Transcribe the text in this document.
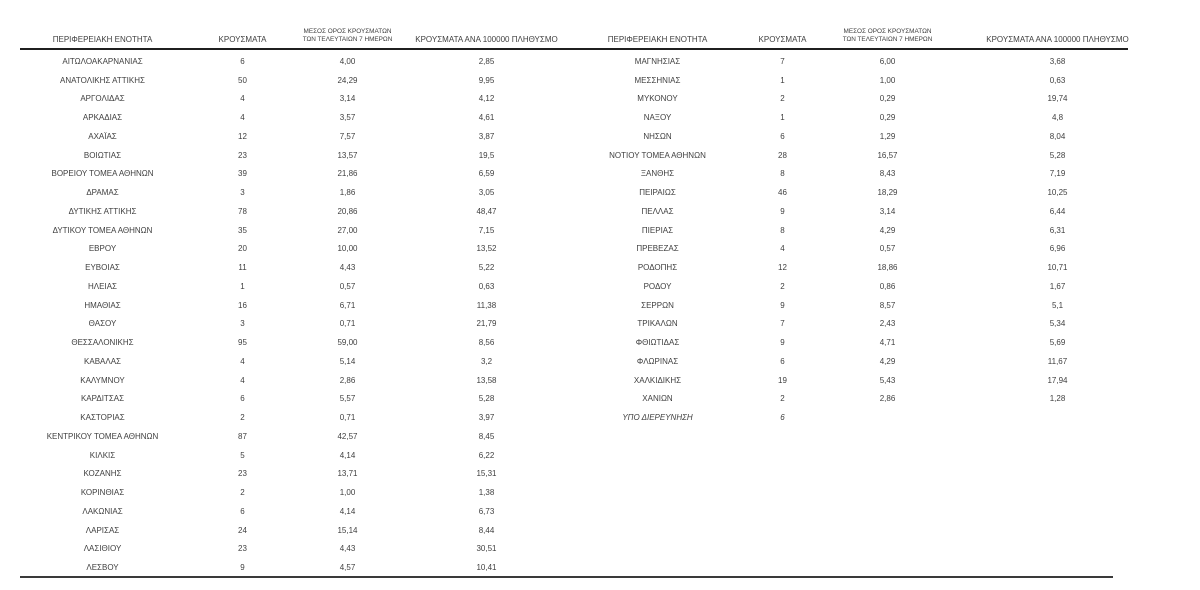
ΠΕΡΙΦΕΡΕΙΑΚΗ ΕΝΟΤΗΤΑ	ΚΡΟΥΣΜΑΤΑ	ΜΕΣΟΣ ΟΡΟΣ ΚΡΟΥΣΜΑΤΩΝ ΤΩΝ ΤΕΛΕΥΤΑΙΩΝ 7 ΗΜΕΡΩΝ	ΚΡΟΥΣΜΑΤΑ ΑΝΑ 100000 ΠΛΗΘΥΣΜΟ
ΑΙΤΩΛΟΑΚΑΡΝΑΝΙΑΣ	6	4,00	2,85
ΑΝΑΤΟΛΙΚΗΣ ΑΤΤΙΚΗΣ	50	24,29	9,95
ΑΡΓΟΛΙΔΑΣ	4	3,14	4,12
ΑΡΚΑΔΙΑΣ	4	3,57	4,61
ΑΧΑΪΑΣ	12	7,57	3,87
ΒΟΙΩΤΙΑΣ	23	13,57	19,5
ΒΟΡΕΙΟΥ ΤΟΜΕΑ ΑΘΗΝΩΝ	39	21,86	6,59
ΔΡΑΜΑΣ	3	1,86	3,05
ΔΥΤΙΚΗΣ ΑΤΤΙΚΗΣ	78	20,86	48,47
ΔΥΤΙΚΟΥ ΤΟΜΕΑ ΑΘΗΝΩΝ	35	27,00	7,15
ΕΒΡΟΥ	20	10,00	13,52
ΕΥΒΟΙΑΣ	11	4,43	5,22
ΗΛΕΙΑΣ	1	0,57	0,63
ΗΜΑΘΙΑΣ	16	6,71	11,38
ΘΑΣΟΥ	3	0,71	21,79
ΘΕΣΣΑΛΟΝΙΚΗΣ	95	59,00	8,56
ΚΑΒΑΛΑΣ	4	5,14	3,2
ΚΑΛΥΜΝΟΥ	4	2,86	13,58
ΚΑΡΔΙΤΣΑΣ	6	5,57	5,28
ΚΑΣΤΟΡΙΑΣ	2	0,71	3,97
ΚΕΝΤΡΙΚΟΥ ΤΟΜΕΑ ΑΘΗΝΩΝ	87	42,57	8,45
ΚΙΛΚΙΣ	5	4,14	6,22
ΚΟΖΑΝΗΣ	23	13,71	15,31
ΚΟΡΙΝΘΙΑΣ	2	1,00	1,38
ΛΑΚΩΝΙΑΣ	6	4,14	6,73
ΛΑΡΙΣΑΣ	24	15,14	8,44
ΛΑΣΙΘΙΟΥ	23	4,43	30,51
ΛΕΣΒΟΥ	9	4,57	10,41
ΠΕΡΙΦΕΡΕΙΑΚΗ ΕΝΟΤΗΤΑ	ΚΡΟΥΣΜΑΤΑ	ΜΕΣΟΣ ΟΡΟΣ ΚΡΟΥΣΜΑΤΩΝ ΤΩΝ ΤΕΛΕΥΤΑΙΩΝ 7 ΗΜΕΡΩΝ	ΚΡΟΥΣΜΑΤΑ ΑΝΑ 100000 ΠΛΗΘΥΣΜΟ
ΜΑΓΝΗΣΙΑΣ	7	6,00	3,68
ΜΕΣΣΗΝΙΑΣ	1	1,00	0,63
ΜΥΚΟΝΟΥ	2	0,29	19,74
ΝΑΞΟΥ	1	0,29	4,8
ΝΗΣΩΝ	6	1,29	8,04
ΝΟΤΙΟΥ ΤΟΜΕΑ ΑΘΗΝΩΝ	28	16,57	5,28
ΞΑΝΘΗΣ	8	8,43	7,19
ΠΕΙΡΑΙΩΣ	46	18,29	10,25
ΠΕΛΛΑΣ	9	3,14	6,44
ΠΙΕΡΙΑΣ	8	4,29	6,31
ΠΡΕΒΕΖΑΣ	4	0,57	6,96
ΡΟΔΟΠΗΣ	12	18,86	10,71
ΡΟΔΟΥ	2	0,86	1,67
ΣΕΡΡΩΝ	9	8,57	5,1
ΤΡΙΚΑΛΩΝ	7	2,43	5,34
ΦΘΙΩΤΙΔΑΣ	9	4,71	5,69
ΦΛΩΡΙΝΑΣ	6	4,29	11,67
ΧΑΛΚΙΔΙΚΗΣ	19	5,43	17,94
ΧΑΝΙΩΝ	2	2,86	1,28
ΥΠΟ ΔΙΕΡΕΥΝΗΣΗ	6		
